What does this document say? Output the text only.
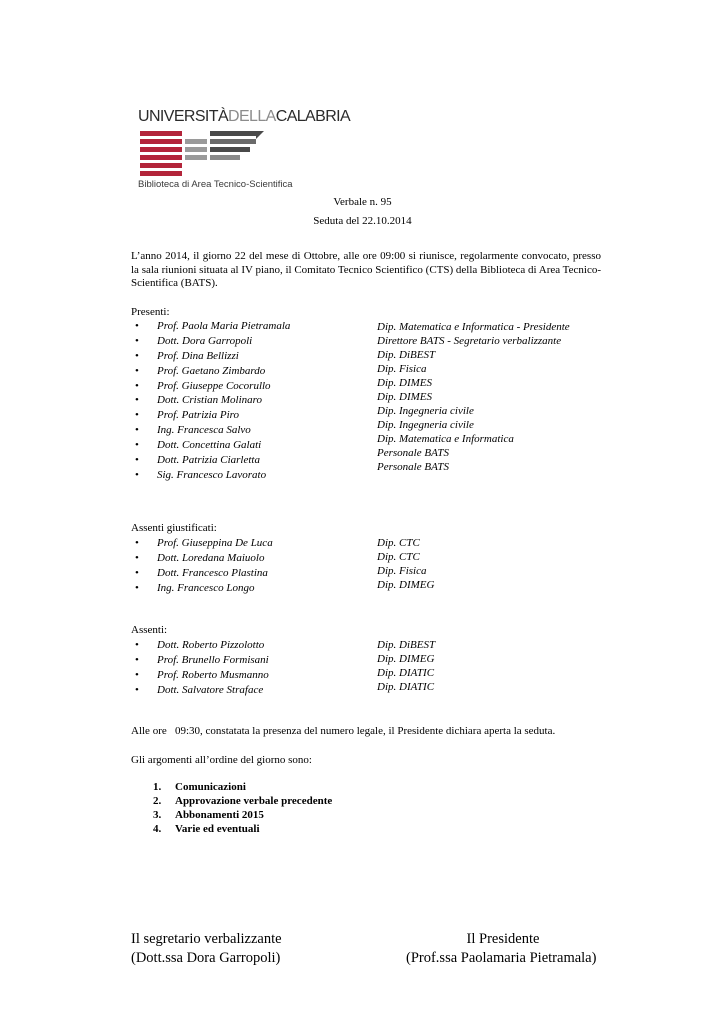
UNIVERSITÀDELLACALABRIA
Biblioteca di Area Tecnico-Scientifica
Verbale n. 95
Seduta del 22.10.2014
L’anno 2014, il giorno 22 del mese di Ottobre, alle ore 09:00 si riunisce, regolarmente convocato, presso la sala riunioni situata al IV piano, il Comitato Tecnico Scientifico (CTS) della Biblioteca di Area Tecnico-Scientifica (BATS).
Presenti:
• Prof. Paola Maria Pietramala
• Dott. Dora Garropoli
• Prof. Dina Bellizzi
• Prof. Gaetano Zimbardo
• Prof. Giuseppe Cocorullo
• Dott. Cristian Molinaro
• Prof. Patrizia Piro
• Ing. Francesca Salvo
• Dott. Concettina Galati
• Dott. Patrizia Ciarletta
• Sig. Francesco Lavorato
Dip. Matematica e Informatica - Presidente
Direttore BATS - Segretario verbalizzante
Dip. DiBEST
Dip. Fisica
Dip. DIMES
Dip. DIMES
Dip. Ingegneria civile
Dip. Ingegneria civile
Dip. Matematica e Informatica
Personale BATS
Personale BATS
Assenti giustificati:
• Prof. Giuseppina De Luca
• Dott. Loredana Maiuolo
• Dott. Francesco Plastina
• Ing. Francesco Longo
Dip. CTC
Dip. CTC
Dip. Fisica
Dip. DIMEG
Assenti:
• Dott. Roberto Pizzolotto
• Prof. Brunello Formisani
• Prof. Roberto Musmanno
• Dott. Salvatore Straface
Dip. DiBEST
Dip. DIMEG
Dip. DIATIC
Dip. DIATIC
Alle ore   09:30, constatata la presenza del numero legale, il Presidente dichiara aperta la seduta.
Gli argomenti all’ordine del giorno sono:
1. Comunicazioni
2. Approvazione verbale precedente
3. Abbonamenti 2015
4. Varie ed eventuali
Il segretario verbalizzante
(Dott.ssa Dora Garropoli)
Il Presidente
(Prof.ssa Paolamaria Pietramala)
